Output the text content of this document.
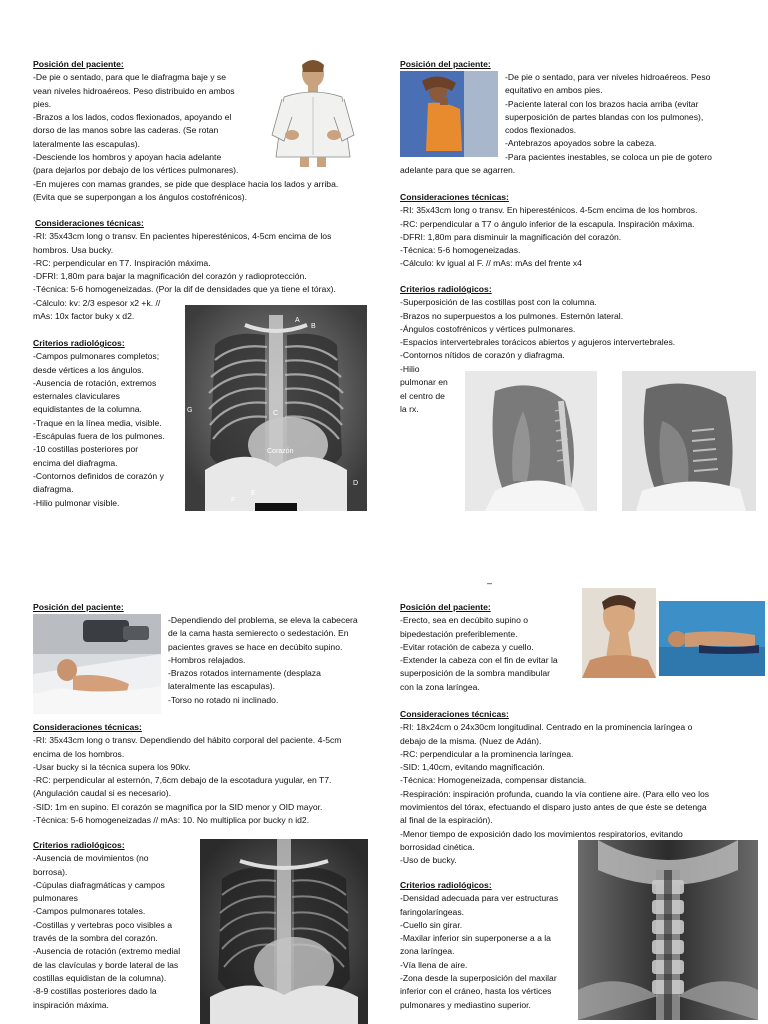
Posición del paciente:

-De pie o sentado, para que le diafragma baje y se
vean niveles hidroaéreos. Peso distribuido en ambos
pies.
-Brazos a los lados, codos flexionados, apoyando el
dorso de las manos sobre las caderas. (Se rotan
lateralmente las escapulas).
-Desciende los hombros y apoyan hacia adelante
(para dejarlos por debajo de los vértices pulmonares).
-En mujeres con mamas grandes, se pide que desplace hacia los lados y arriba.
(Evita que se superpongan a los ángulos costofrénicos).

Consideraciones técnicas:

-RI: 35x43cm long o transv. En pacientes hiperesténicos, 4-5cm encima de los
hombros. Usa bucky.
-RC: perpendicular en T7. Inspiración máxima.
-DFRI: 1,80m para bajar la magnificación del corazón y radioprotección.
-Técnica: 5-6 homogeneizadas. (Por la dif de densidades que ya tiene el tórax).
-Cálculo: kv: 2/3 espesor x2 +k. //
mAs: 10x factor buky x d2.

Criterios radiológicos:

-Campos pulmonares completos;
desde vértices a los ángulos.
-Ausencia de rotación, extremos
esternales claviculares
equidistantes de la columna.
-Traque en la línea media, visible.
-Escápulas fuera de los pulmones.
-10 costillas posteriores por
encima del diafragma.
-Contornos definidos de corazón y
diafragma.
-Hilio pulmonar visible.

A
B
C
D
E
F
G
Corazón

Posición del paciente:

-De pie o sentado, para ver niveles hidroaéreos. Peso
equitativo en ambos pies.
-Paciente lateral con los brazos hacia arriba (evitar
superposición de partes blandas con los pulmones),
codos flexionados.
-Antebrazos apoyados sobre la cabeza.
-Para pacientes inestables, se coloca un pie de gotero

adelante para que se agarren.

Consideraciones técnicas:

-RI: 35x43cm long o transv. En hiperesténicos. 4-5cm encima de los hombros.
-RC: perpendicular a T7 o ángulo inferior de la escapula. Inspiración máxima.
-DFRI: 1,80m para disminuir la magnificación del corazón.
-Técnica: 5-6 homogeneizadas.
-Cálculo: kv igual al F. // mAs: mAs del frente x4

Criterios radiológicos:

-Superposición de las costillas post con la columna.
-Brazos no superpuestos a los pulmones. Esternón lateral.
-Ángulos costofrénicos y vértices pulmonares.
-Espacios intervertebrales torácicos abiertos y agujeros intervertebrales.
-Contornos nítidos de corazón y diafragma.

-Hilio
pulmonar en
el centro de
la rx.

–

Posición del paciente:

-Dependiendo del problema, se eleva la cabecera
de la cama hasta semierecto o sedestación. En
pacientes graves se hace en decúbito supino.
-Hombros relajados.
-Brazos rotados internamente (desplaza
lateralmente las escapulas).
-Torso no rotado ni inclinado.

Consideraciones técnicas:

-RI: 35x43cm long o transv. Dependiendo del hábito corporal del paciente. 4-5cm
encima de los hombros.
-Usar bucky si la técnica supera los 90kv.
-RC: perpendicular al esternón, 7,6cm debajo de la escotadura yugular, en T7.
(Angulación caudal si es necesario).
-SID: 1m en supino. El corazón se magnifica por la SID menor y OID mayor.
-Técnica: 5-6 homogeneizadas // mAs: 10. No multiplica por bucky n id2.

Criterios radiológicos:

-Ausencia de movimientos (no
borrosa).
-Cúpulas diafragmáticas y campos
pulmonares
-Campos pulmonares totales.
-Costillas y vertebras poco visibles a
través de la sombra del corazón.
-Ausencia de rotación (extremo medial
de las clavículas y borde lateral de las
costillas equidistan de la columna).
-8-9 costillas posteriores dado la
inspiración máxima.

Posición del paciente:

-Erecto, sea en decúbito supino o
bipedestación preferiblemente.
-Evitar rotación de cabeza y cuello.
-Extender la cabeza con el fin de evitar la
superposición de la sombra mandibular
con la zona laríngea.

Consideraciones técnicas:

-RI: 18x24cm o 24x30cm longitudinal. Centrado en la prominencia laríngea o
debajo de la misma. (Nuez de Adán).
-RC: perpendicular a la prominencia laríngea.
-SID: 1,40cm, evitando magnificación.
-Técnica: Homogeneizada, compensar distancia.
-Respiración: inspiración profunda, cuando la vía contiene aire. (Para ello veo los
movimientos del tórax, efectuando el disparo justo antes de que éste se detenga
al final de la espiración).
-Menor tiempo de exposición dado los movimientos respiratorios, evitando
borrosidad cinética.
-Uso de bucky.

Criterios radiológicos:

-Densidad adecuada para ver estructuras
faringolaríngeas.
-Cuello sin girar.
-Maxilar inferior sin superponerse a a la
zona laríngea.
-Vía llena de aire.
-Zona desde la superposición del maxilar
inferior con el cráneo, hasta los vértices
pulmonares y mediastino superior.
